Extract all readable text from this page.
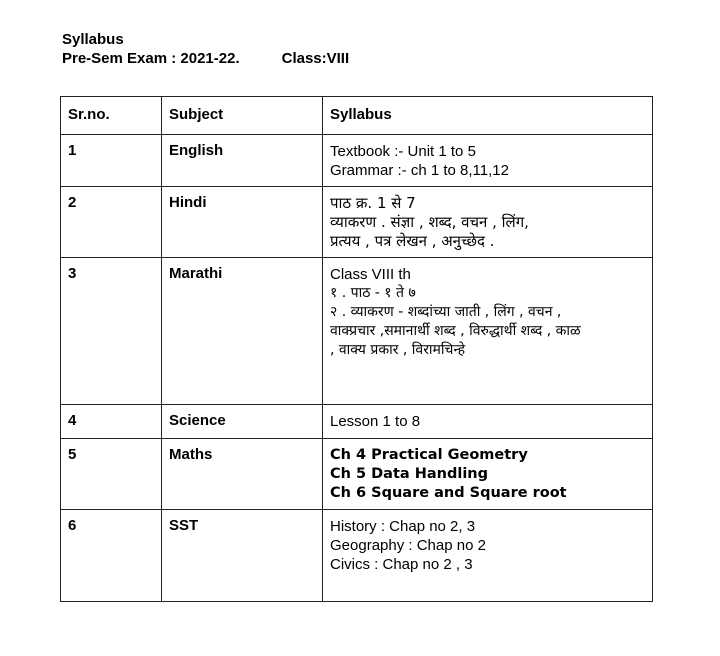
Syllabus
Pre-Sem Exam : 2021-22.	Class:VIII
Sr.no.	Subject	Syllabus
1	English	Textbook :- Unit 1 to 5
Grammar :- ch 1 to 8,11,12

2	Hindi	पाठ क्र. 1 से 7
व्याकरण . संज्ञा , शब्द, वचन , लिंग,
प्रत्यय , पत्र लेखन , अनुच्छेद .

3	Marathi	Class VIII th
१ . पाठ - १ ते ७
२ . व्याकरण - शब्दांच्या जाती , लिंग , वचन ,
वाक्प्रचार ,समानार्थी शब्द , विरुद्धार्थी शब्द , काळ
, वाक्य प्रकार , विरामचिन्हे

4	Science	Lesson 1 to 8

5	Maths	Ch 4 Practical Geometry
Ch 5 Data Handling
Ch 6 Square and Square root

6	SST	History : Chap no 2, 3
Geography : Chap no 2
Civics : Chap no 2 , 3
